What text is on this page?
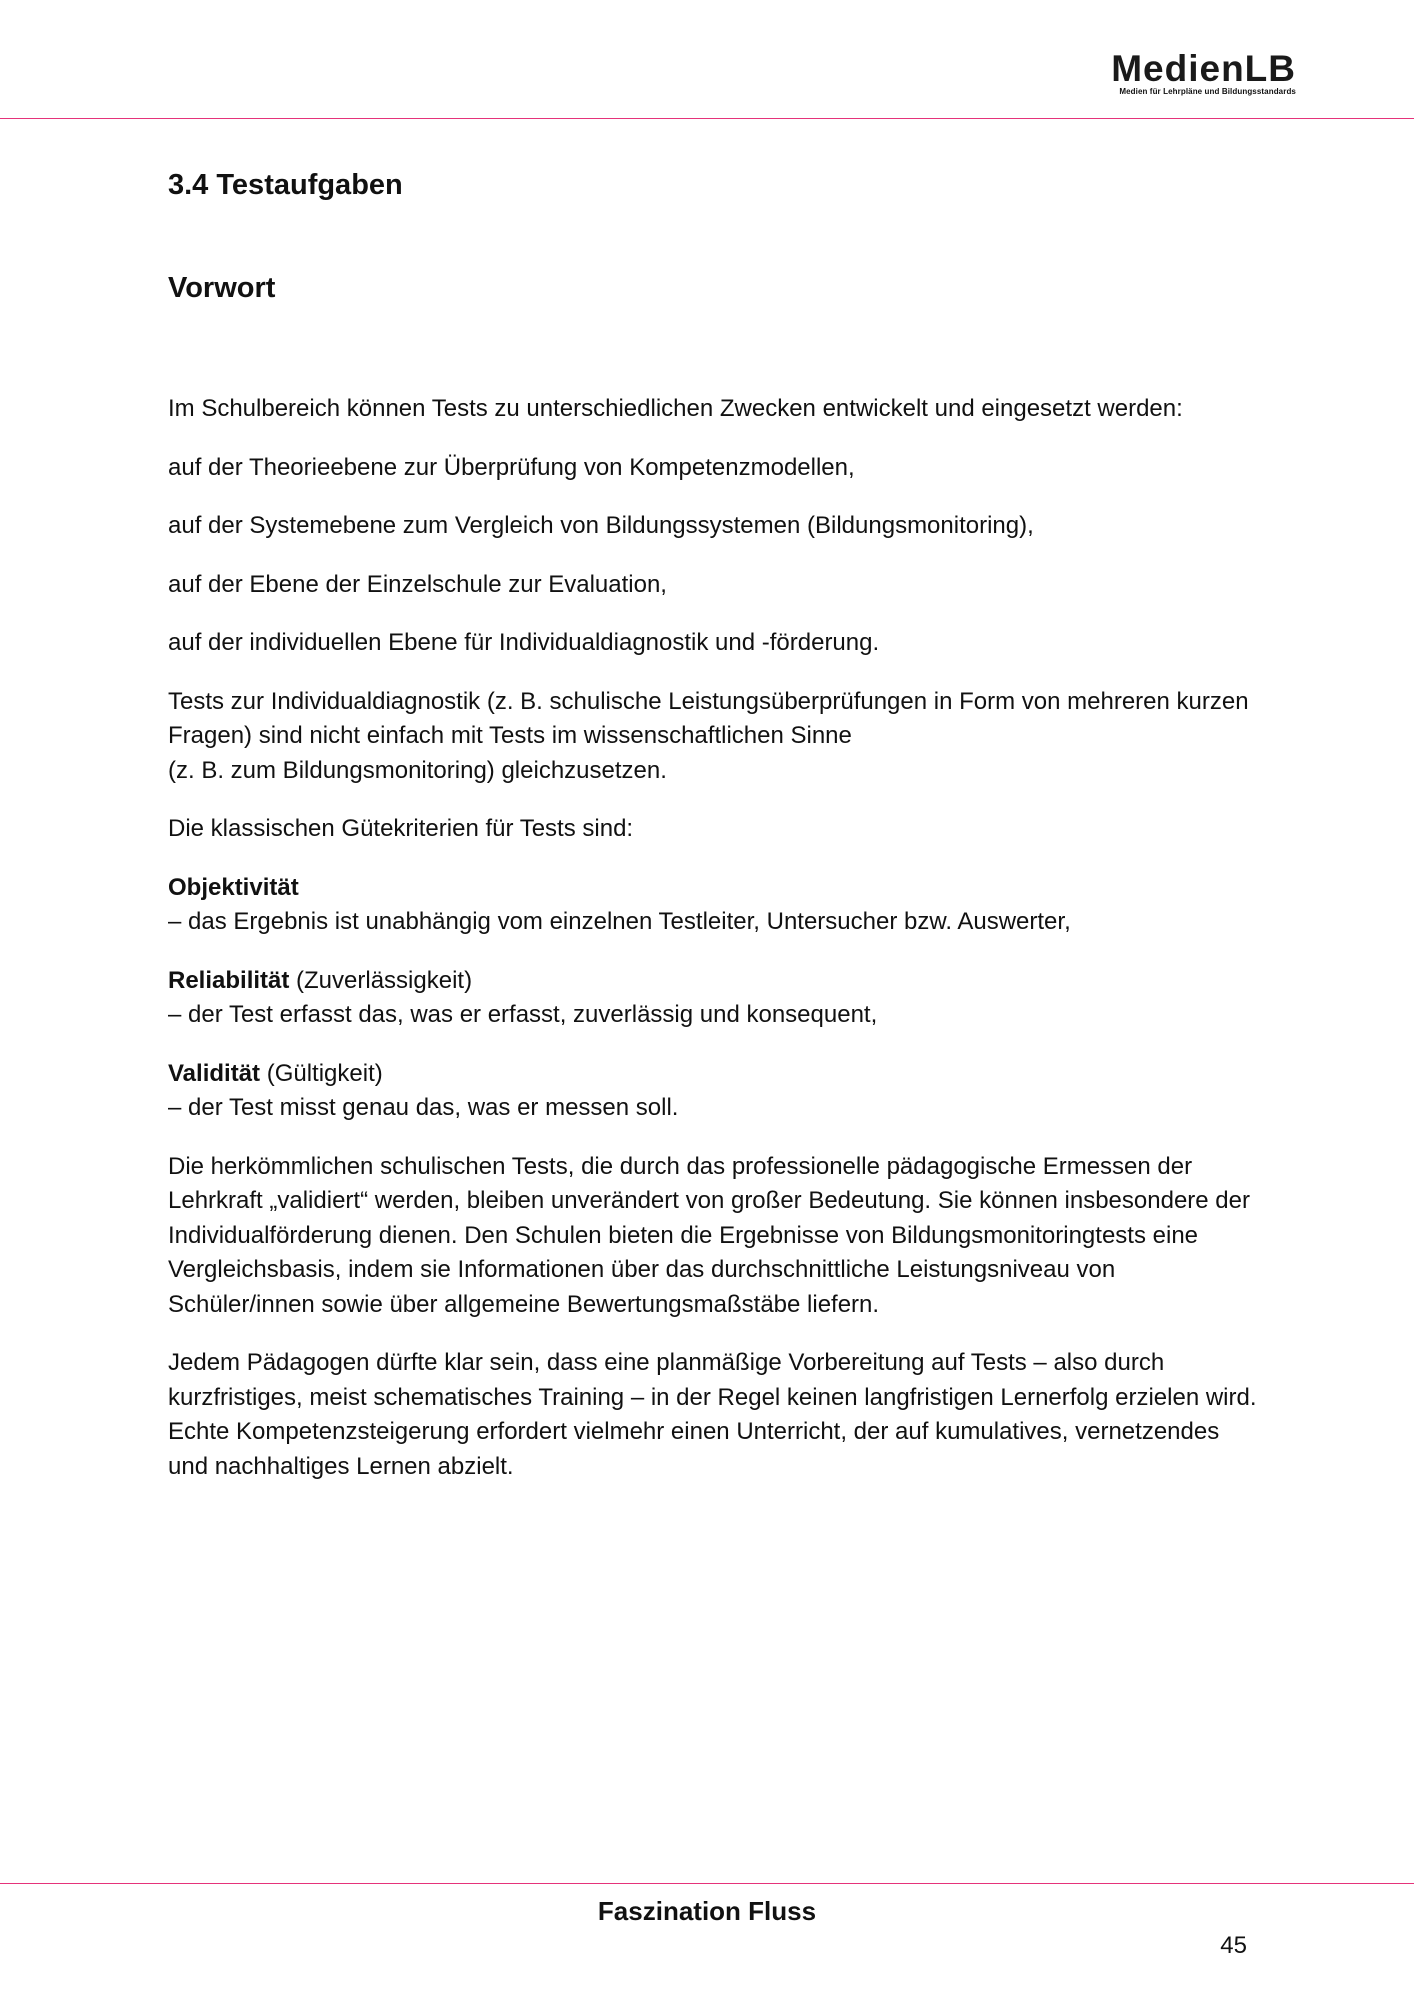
MedienLB
Medien für Lehrpläne und Bildungsstandards
3.4 Testaufgaben
Vorwort

Im Schulbereich können Tests zu unterschiedlichen Zwecken entwickelt und eingesetzt werden:

auf der Theorieebene zur Überprüfung von Kompetenzmodellen,

auf der Systemebene zum Vergleich von Bildungssystemen (Bildungsmonitoring),

auf der Ebene der Einzelschule zur Evaluation,

auf der individuellen Ebene für Individualdiagnostik und -förderung.

Tests zur Individualdiagnostik (z. B. schulische Leistungsüberprüfungen in Form von mehreren kurzen Fragen) sind nicht einfach mit Tests im wissenschaftlichen Sinne
(z. B. zum Bildungsmonitoring) gleichzusetzen.

Die klassischen Gütekriterien für Tests sind:

Objektivität
– das Ergebnis ist unabhängig vom einzelnen Testleiter, Untersucher bzw. Auswerter,

Reliabilität (Zuverlässigkeit)
– der Test erfasst das, was er erfasst, zuverlässig und konsequent,

Validität (Gültigkeit)
– der Test misst genau das, was er messen soll.

Die herkömmlichen schulischen Tests, die durch das professionelle pädagogische Ermessen der Lehrkraft „validiert“ werden, bleiben unverändert von großer Bedeutung. Sie können insbesondere der Individualförderung dienen. Den Schulen bieten die Ergebnisse von Bildungsmonitoringtests eine Vergleichsbasis, indem sie Informationen über das durchschnittliche Leistungsniveau von Schüler/innen sowie über allgemeine Bewertungsmaßstäbe liefern.

Jedem Pädagogen dürfte klar sein, dass eine planmäßige Vorbereitung auf Tests – also durch kurzfristiges, meist schematisches Training – in der Regel keinen langfristigen Lernerfolg erzielen wird. Echte Kompetenzsteigerung erfordert vielmehr einen Unterricht, der auf kumulatives, vernetzendes und nachhaltiges Lernen abzielt.

Faszination Fluss
45
